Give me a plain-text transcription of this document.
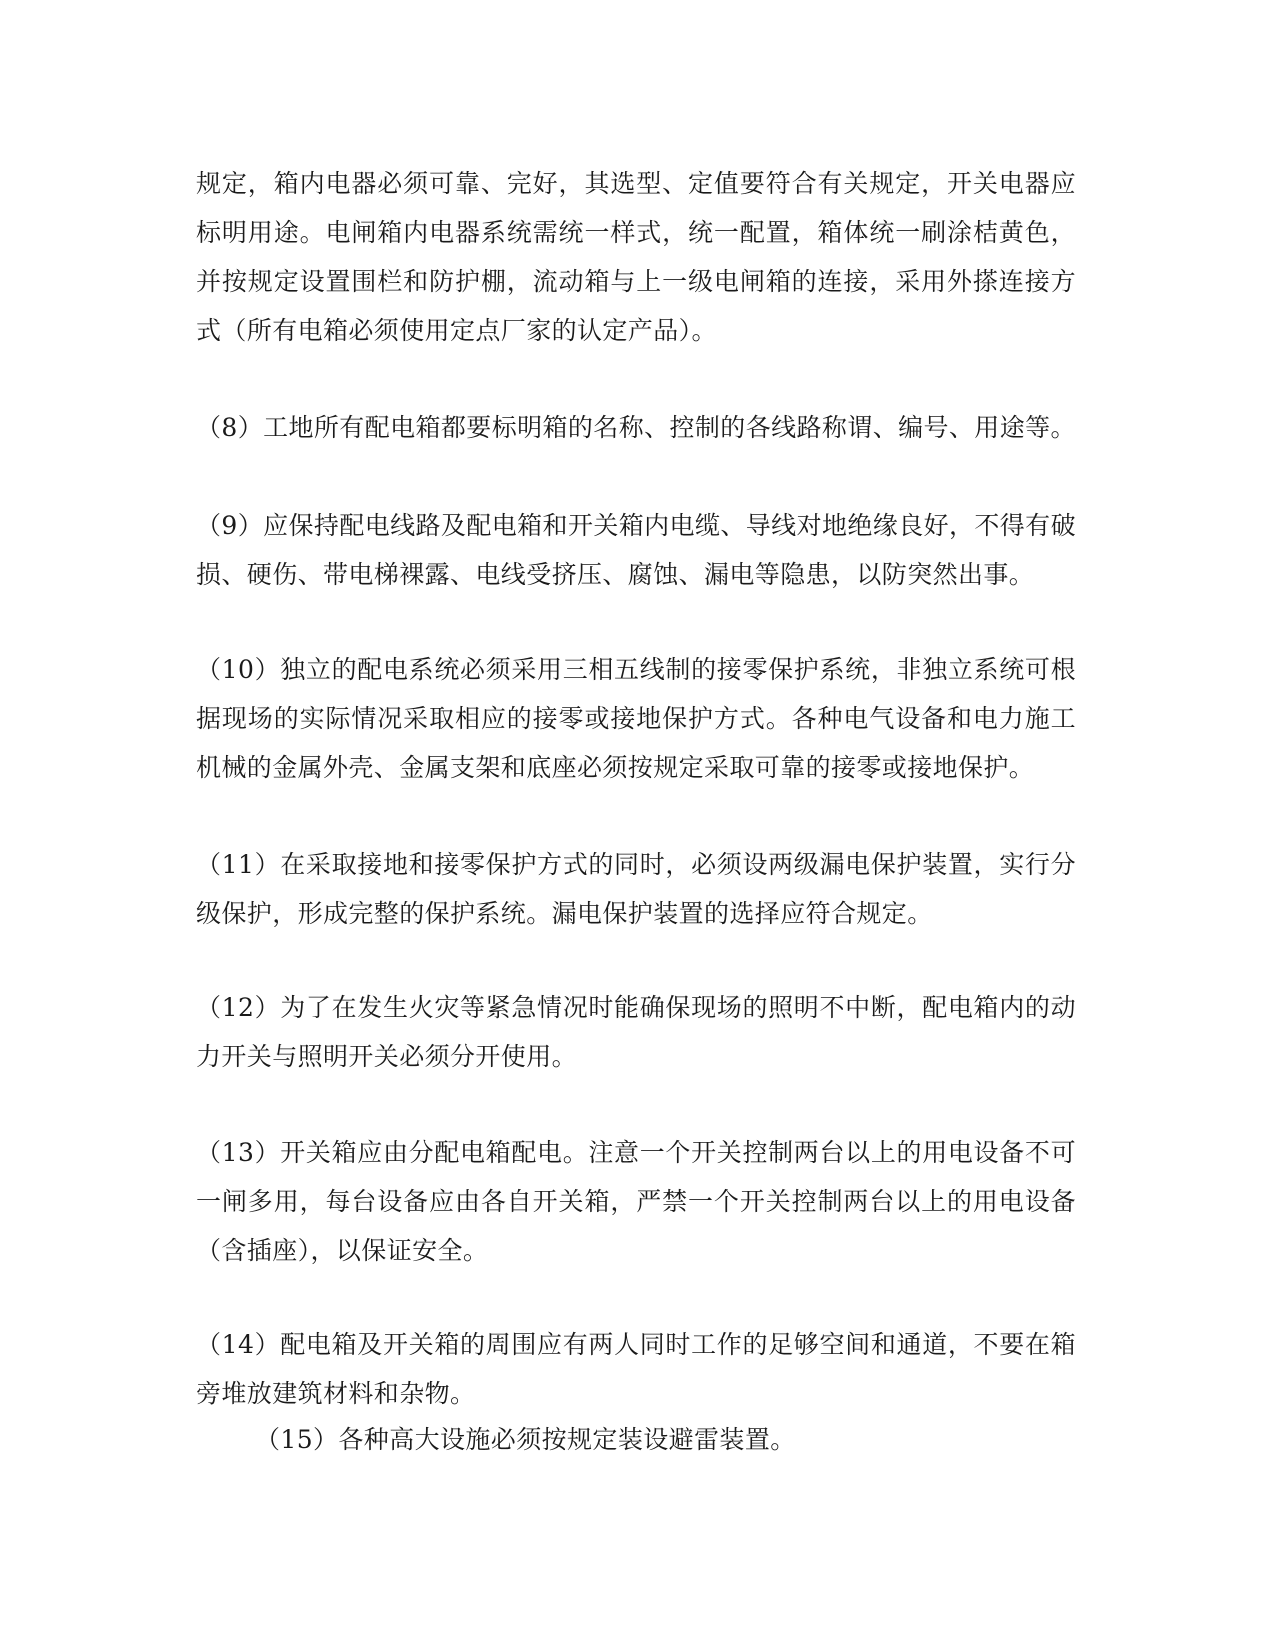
规定，箱内电器必须可靠、完好，其选型、定值要符合有关规定，开关电器应标明用途。电闸箱内电器系统需统一样式，统一配置，箱体统一刷涂桔黄色，并按规定设置围栏和防护棚，流动箱与上一级电闸箱的连接，采用外搽连接方式（所有电箱必须使用定点厂家的认定产品）。

（8）工地所有配电箱都要标明箱的名称、控制的各线路称谓、编号、用途等。

（9）应保持配电线路及配电箱和开关箱内电缆、导线对地绝缘良好，不得有破损、硬伤、带电梯裸露、电线受挤压、腐蚀、漏电等隐患，以防突然出事。

（10）独立的配电系统必须采用三相五线制的接零保护系统，非独立系统可根据现场的实际情况采取相应的接零或接地保护方式。各种电气设备和电力施工机械的金属外壳、金属支架和底座必须按规定采取可靠的接零或接地保护。

（11）在采取接地和接零保护方式的同时，必须设两级漏电保护装置，实行分级保护，形成完整的保护系统。漏电保护装置的选择应符合规定。

（12）为了在发生火灾等紧急情况时能确保现场的照明不中断，配电箱内的动力开关与照明开关必须分开使用。

（13）开关箱应由分配电箱配电。注意一个开关控制两台以上的用电设备不可一闸多用，每台设备应由各自开关箱，严禁一个开关控制两台以上的用电设备（含插座），以保证安全。

（14）配电箱及开关箱的周围应有两人同时工作的足够空间和通道，不要在箱旁堆放建筑材料和杂物。

（15）各种高大设施必须按规定装设避雷装置。
